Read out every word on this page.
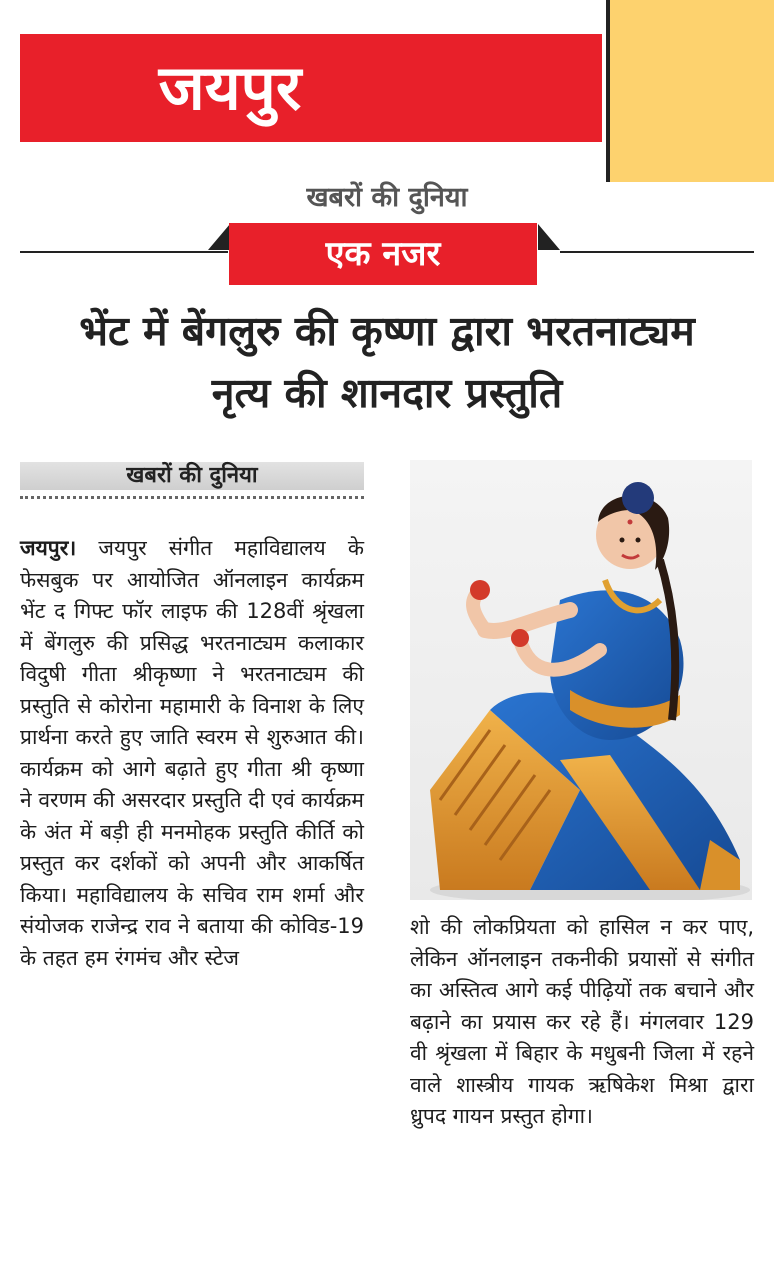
जयपुर
खबरों की दुनिया
एक नजर
भेंट में बेंगलुरु की कृष्णा द्वारा भरतनाट्यम
नृत्य की शानदार प्रस्तुति
खबरों की दुनिया
जयपुर। जयपुर संगीत महाविद्यालय के फेसबुक पर आयोजित ऑनलाइन कार्यक्रम भेंट द गिफ्ट फॉर लाइफ की 128वीं श्रृंखला में बेंगलुरु की प्रसिद्ध भरतनाट्यम कलाकार विदुषी गीता श्रीकृष्णा ने भरतनाट्यम की प्रस्तुति से कोरोना महामारी के विनाश के लिए प्रार्थना करते हुए जाति स्वरम से शुरुआत की। कार्यक्रम को आगे बढ़ाते हुए गीता श्री कृष्णा ने वरणम की असरदार प्रस्तुति दी एवं कार्यक्रम के अंत में बड़ी ही मनमोहक प्रस्तुति कीर्ति को प्रस्तुत कर दर्शकों को अपनी और आकर्षित किया। महाविद्यालय के सचिव राम शर्मा और संयोजक राजेन्द्र राव ने बताया की कोविड-19 के तहत हम रंगमंच और स्टेज
शो की लोकप्रियता को हासिल न कर पाए, लेकिन ऑनलाइन तकनीकी प्रयासों से संगीत का अस्तित्व आगे कई पीढ़ियों तक बचाने और बढ़ाने का प्रयास कर रहे हैं। मंगलवार 129 वी श्रृंखला में बिहार के मधुबनी जिला में रहने वाले शास्त्रीय गायक ऋषिकेश मिश्रा द्वारा ध्रुपद गायन प्रस्तुत होगा।
